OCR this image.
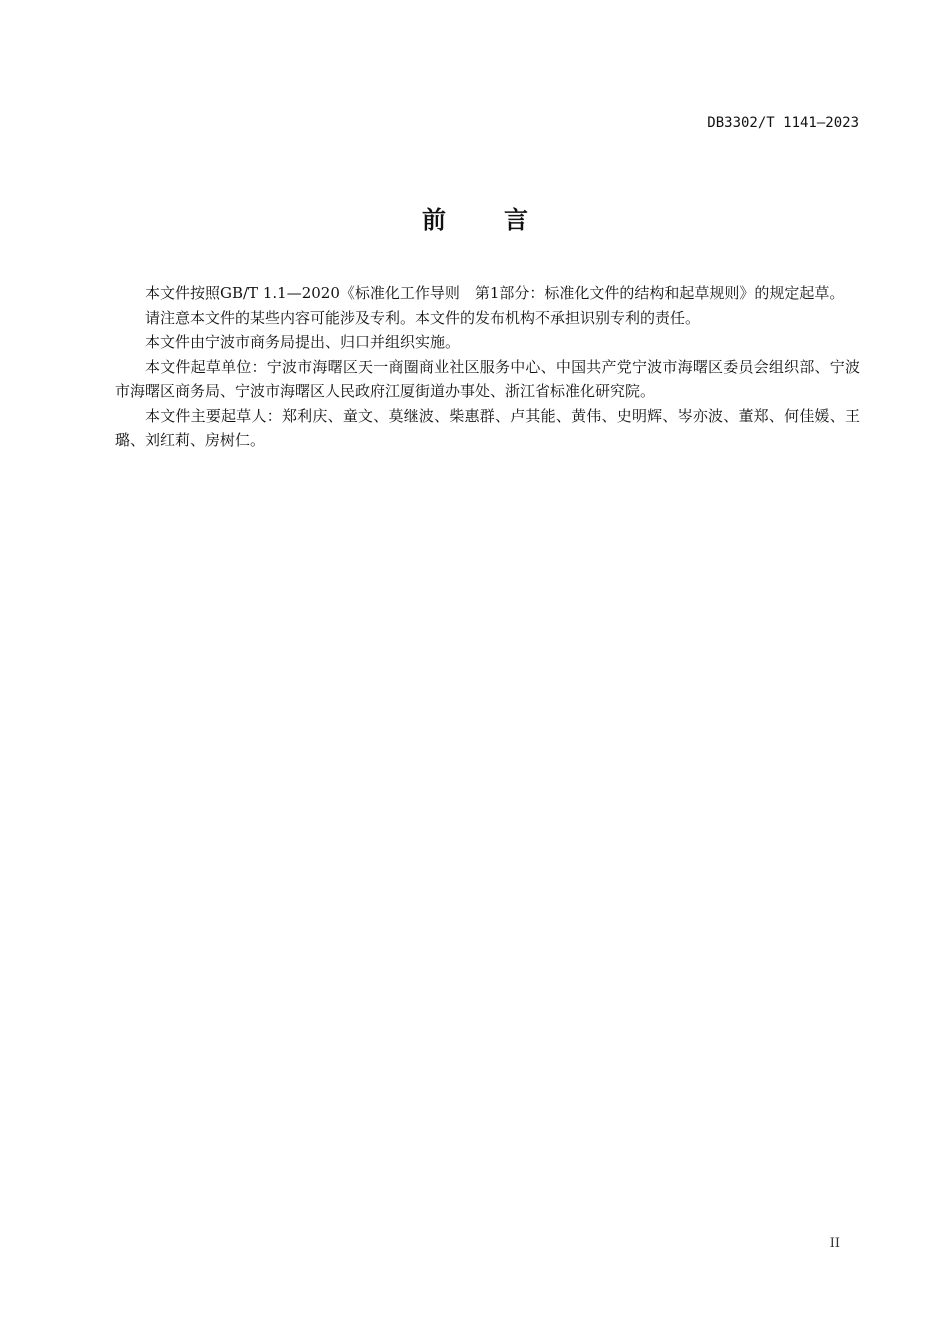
DB3302/T 1141—2023
前 言

本文件按照GB/T 1.1—2020《标准化工作导则　第1部分：标准化文件的结构和起草规则》的规定起草。

请注意本文件的某些内容可能涉及专利。本文件的发布机构不承担识别专利的责任。

本文件由宁波市商务局提出、归口并组织实施。

本文件起草单位：宁波市海曙区天一商圈商业社区服务中心、中国共产党宁波市海曙区委员会组织部、宁波市海曙区商务局、宁波市海曙区人民政府江厦街道办事处、浙江省标准化研究院。

本文件主要起草人：郑利庆、童文、莫继波、柴惠群、卢其能、黄伟、史明辉、岑亦波、董郑、何佳媛、王璐、刘红莉、房树仁。

II
